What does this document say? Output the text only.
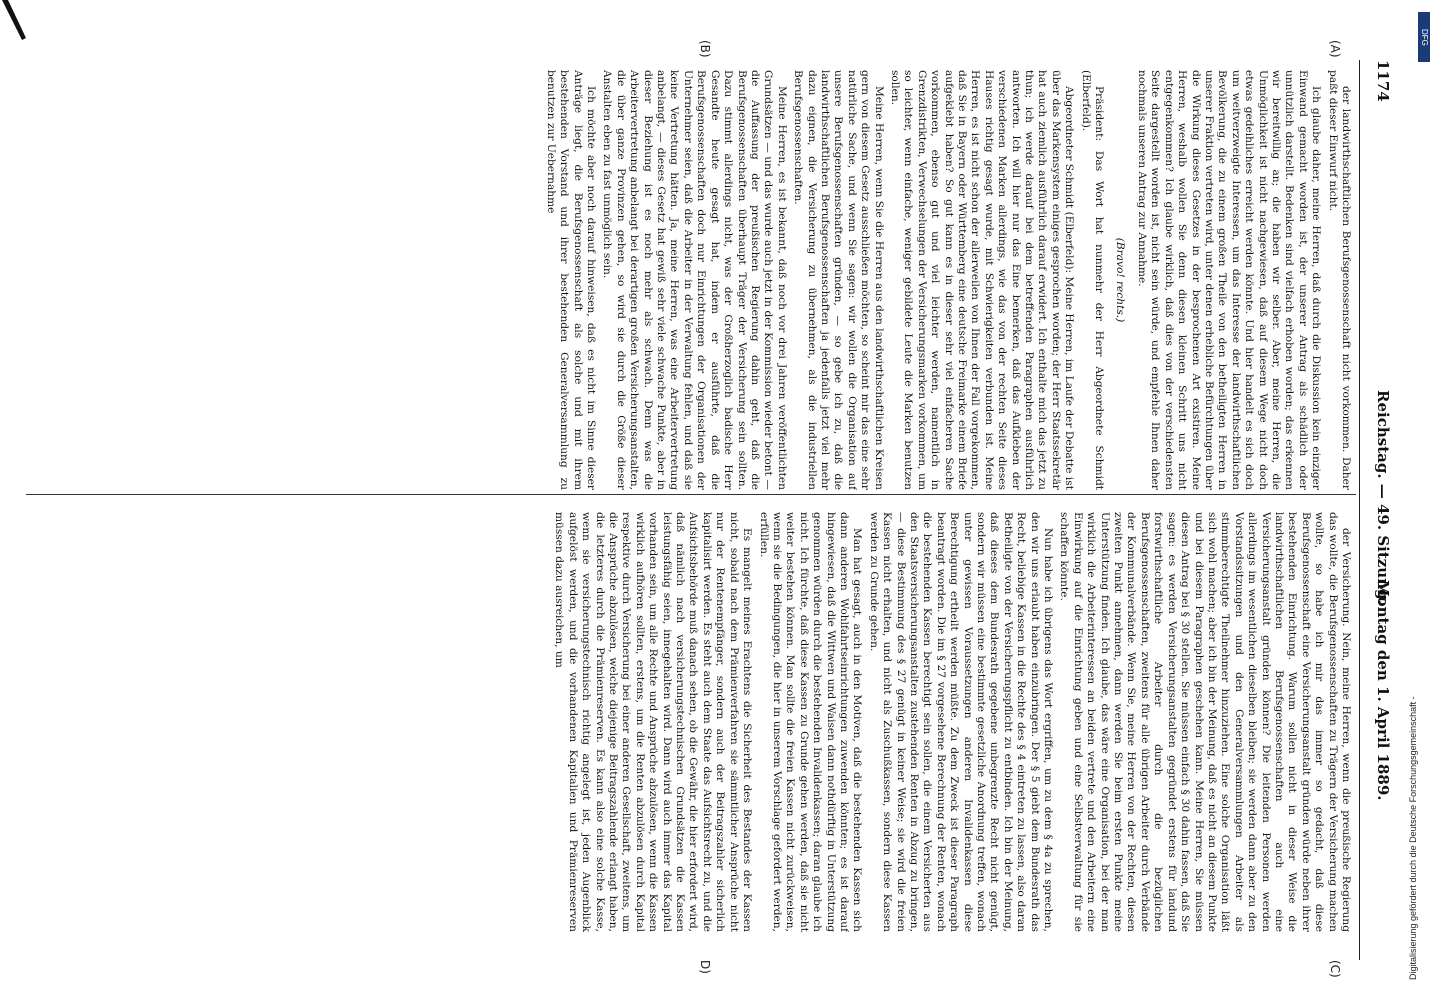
1174
Reichstag. — 49. Sitzung.
Montag den 1. April 1889.
(A)
(B)
(C)
D)

der landwirthschaftlichen Berufsgenossenschaft nicht vorkommen. Daher paßt dieser Einwurf nicht.

Ich glaube daher, meine Herren, daß durch die Diskussion kein einziger Einwand gemacht worden ist, der unserer Antrag als schädlich oder unnützlich darstellt. Bedenken sind vielfach erhoben worden; das erkennen wir bereitwillig an; die haben wir selber. Aber, meine Herren, die Unmöglichkeit ist nicht nachgewiesen, daß auf diesem Wege nicht doch etwas gedeihliches erreicht werden könnte. Und hier handelt es sich doch um weitverzweigte Interessen, um das Interesse der landwirthschaftlichen Bevölkerung, die zu einem großen Theile von den betheiligten Herren in unserer Fraktion vertreten wird, unter denen erhebliche Befürchtungen über die Wirkung dieses Gesetzes in der besprochenen Art existiren. Meine Herren, weshalb wollen Sie denn diesen kleinen Schritt uns nicht entgegenkommen? Ich glaube wirklich, daß dies von der verschiedensten Seite dargestellt worden ist, nicht sein würde, und empfehle Ihnen daher nochmals unseren Antrag zur Annahme.

(Bravo! rechts.)

Präsident: Das Wort hat nunmehr der Herr Abgeordnete Schmidt (Elberfeld).

Abgeordneter Schmidt (Elberfeld): Meine Herren, im Laufe der Debatte ist über das Markensystem einiges gesprochen worden; der Herr Staatssekretär hat auch ziemlich ausführlich darauf erwidert. Ich enthalte mich das jetzt zu thun; ich werde darauf bei dem betreffenden Paragraphen ausführlich antworten. Ich will hier nur das Eine bemerken, daß das Aufkleben der verschiedenen Marken allerdings, wie das von der rechten Seite dieses Hauses richtig gesagt wurde, mit Schwierigkeiten verbunden ist. Meine Herren, es ist nicht schon der allerweilen von Ihnen der Fall vorgekommen, daß Sie in Bayern oder Württemberg eine deutsche Freimarke einem Briefe aufgeklebt haben? So gut kann es in dieser sehr viel einfacheren Sache vorkommen, ebenso gut und viel leichter werden, namentlich in Grenzdistrikten, Verwechselungen der Versicherungsmarken vorkommen, um so leichter, wenn einfache, weniger gebildete Leute die Marken benutzen sollen.

Meine Herren, wenn Sie die Herren aus den landwirthschaftlichen Kreisen gern von diesem Gesetz ausschließen möchten, so scheint mir das eine sehr natürliche Sache, und wenn Sie sagen: wir wollen die Organisation auf unsere Berufsgenossenschaften gründen, — so gebe ich zu, daß die landwirthschaftlichen Berufsgenossenschaften ja jedenfalls jetzt viel mehr dazu eignen, die Versicherung zu übernehmen, als die industriellen Berufsgenossenschaften.

Meine Herren, es ist bekannt, daß noch vor drei Jahren veröffentlichten Grundsätzen — und das wurde auch jetzt in der Kommission wieder betont — die Auffassung der preußischen Regierung dahin geht, daß die Berufsgenossenschaften überhaupt Träger der Versicherung sein sollten. Dazu stimmt allerdings nicht, was der Großherzoglich badische Herr Gesandte heute gesagt hat, indem er ausführte, daß die Berufsgenossenschaften doch nur Einrichtungen der Organisationen der Unternehmer seien, daß die Arbeiter in der Verwaltung fehlen, und daß sie keine Vertretung hätten. Ja, meine Herren, was eine Arbeitervertretung anbelangt, — dieses Gesetz hat gewiß sehr viele schwache Punkte, aber in dieser Beziehung ist es noch mehr als schwach. Denn was die Arbeitervertretung anbelangt bei derartigen großen Versicherungsanstalten, die über ganze Provinzen gehen, so wird sie durch die Größe dieser Anstalten eben zu fast unmöglich sein.

Ich möchte aber noch darauf hinweisen, daß es nicht im Sinne dieser Anträge liegt, die Berufsgenossenschaft als solche und mit ihrem bestehenden Vorstand und ihrer bestehenden Generalversammlung zu benutzen zur Uebernahme

der Versicherung. Nein, meine Herren, wenn die preußische Regierung das wollte, die Berufsgenossenschaften zu Trägern der Versicherung machen wollte, so habe ich mir das immer so gedacht, daß diese Berufsgenossenschaft eine Versicherungsanstalt gründen würde neben ihrer bestehenden Einrichtung. Warum sollen nicht in dieser Weise die landwirthschaftlichen Berufsgenossenschaften auch eine Versicherungsanstalt gründen können? Die leitenden Personen werden allerdings im wesentlichen dieselben bleiben; sie werden dann aber zu den Vorstandssitzungen und den Generalversammlungen Arbeiter als stimmberechtigte Theilnehmer hinzuziehen. Eine solche Organisation läßt sich wohl machen; aber ich bin der Meinung, daß es nicht an diesem Punkte und bei diesem Paragraphen geschehen kann. Meine Herren, Sie müssen diesen Antrag bei § 30 stellen. Sie müssen einfach § 30 dahin fassen, daß Sie sagen: es werden Versicherungsanstalten gegründet erstens für landund forstwirthschaftliche Arbeiter durch die bezüglichen Berufsgenossenschaften, zweitens für alle übrigen Arbeiter durch Verbände der Kommunalverbände. Wenn Sie, meine Herren von der Rechten, diesen zweiten Punkt annehmen, dann werden Sie beim ersten Punkte meine Unterstützung finden. Ich glaube, das wäre eine Organisation, bei der man wirklich die Arbeiterinteressen an beiden vertrete und den Arbeitern eine Einwirkung auf die Einrichtung geben und eine Selbstverwaltung für sie schaffen könnte.

Nun habe ich übrigens das Wort ergriffen, um zu dem § 4a zu sprechen, den wir uns erlaubt haben einzubringen. Der § 5 giebt dem Bundesrath das Recht, beliebige Kassen in die Rechte des § 4 eintreten zu lassen, also daran Betheiligte von der Versicherungspflicht zu entbinden. Ich bin der Meinung, daß dieses dem Bundesrath gegebene unbegrenzte Recht nicht genügt, sondern wir müssen eine bestimmte gesetzliche Anordnung treffen, wonach unter gewissen Voraussetzungen anderen Invalidenkassen diese Berechtigung ertheilt werden müßte. Zu dem Zweck ist dieser Paragraph beantragt worden. Die im § 27 vorgesehene Berechnung der Renten, wonach die bestehenden Kassen berechtigt sein sollen, die einem Versicherten aus den Staatsversicherungsanstalten zustehenden Renten in Abzug zu bringen, — diese Bestimmung des § 27 genügt in keiner Weise; sie wird die freien Kassen nicht erhalten, und nicht als Zuschußkassen, sondern diese Kassen werden zu Grunde gehen.

Man hat gesagt, auch in den Motiven, daß die bestehenden Kassen sich dann anderen Wohlfahrtseinrichtungen zuwenden könnten; es ist darauf hingewiesen, daß die Wittwen und Waisen dann nothdürftig in Unterstützung genommen würden durch die bestehenden Invalidenkassen; daran glaube ich nicht. Ich fürchte, daß diese Kassen zu Grunde gehen werden, daß sie nicht weiter bestehen können. Man sollte die freien Kassen nicht zurückweisen, wenn sie die Bedingungen, die hier in unserem Vorschlage gefordert werden, erfüllen.

Es mangelt meines Erachtens die Sicherheit des Bestandes der Kassen nicht, sobald nach dem Prämienverfahren sie sämmtlicher Ansprüche nicht nur der Rentenempfänger, sondern auch der Beitragszahler sicherlich kapitalisirt werden. Es steht auch dem Staate das Aufsichtsrecht zu, und die Aufsichtsbehörde muß danach sehen, ob die Gewähr, die hier erfordert wird, daß nämlich nach versicherungstechnischen Grundsätzen die Kassen leistungsfähig seien, innegehalten wird. Dann wird auch immer das Kapital vorhanden sein, um alle Rechte und Ansprüche abzulösen, wenn die Kassen wirklich aufhören sollten, erstens, um die Renten abzulösen durch Kapital respektive durch Versicherung bei einer anderen Gesellschaft, zweitens, um die Ansprüche abzulösen, welche diejenige Beitragszahlende erlangt haben, die letzteres durch die Prämienreserven. Es kann also eine solche Kasse, wenn sie versicherungstechnisch richtig angelegt ist, jeden Augenblick aufgelöst werden, und die vorhandenen Kapitalien und Prämienreserven müssen dazu ausreichen, um

Digitalisierung gefördert durch die Deutsche Forschungsgemeinschaft -
DFG
